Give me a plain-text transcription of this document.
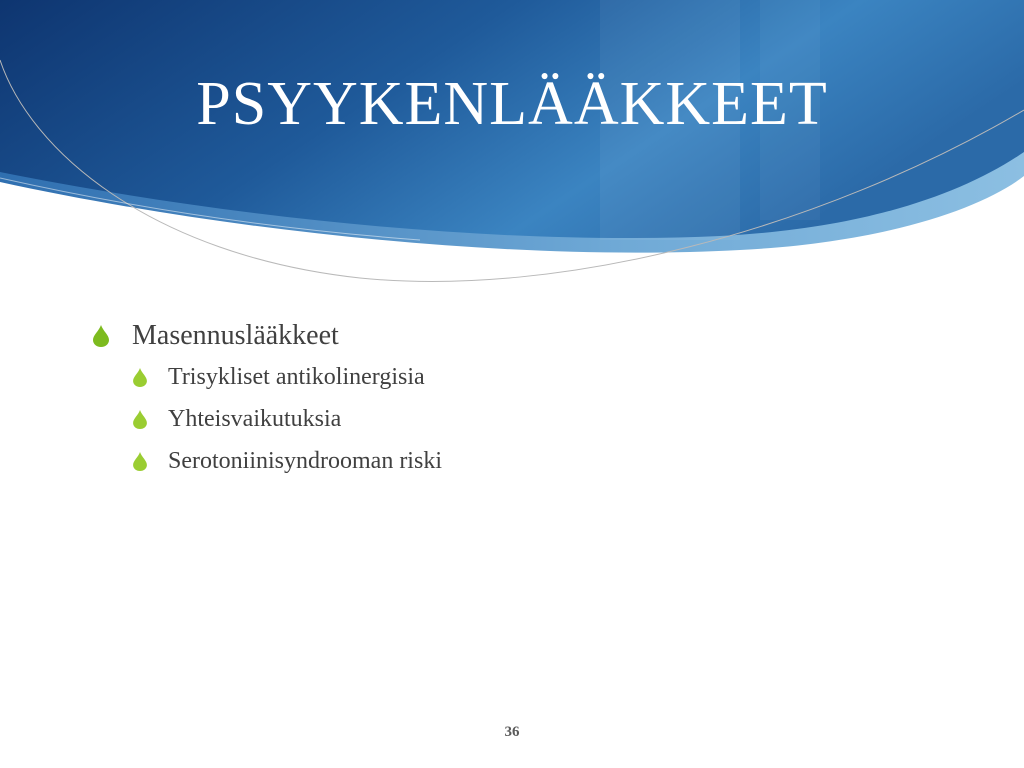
PSYYKENLÄÄKKEET
Masennuslääkkeet
Trisykliset antikolinergisia
Yhteisvaikutuksia
Serotoniinisyndrooman riski
36
